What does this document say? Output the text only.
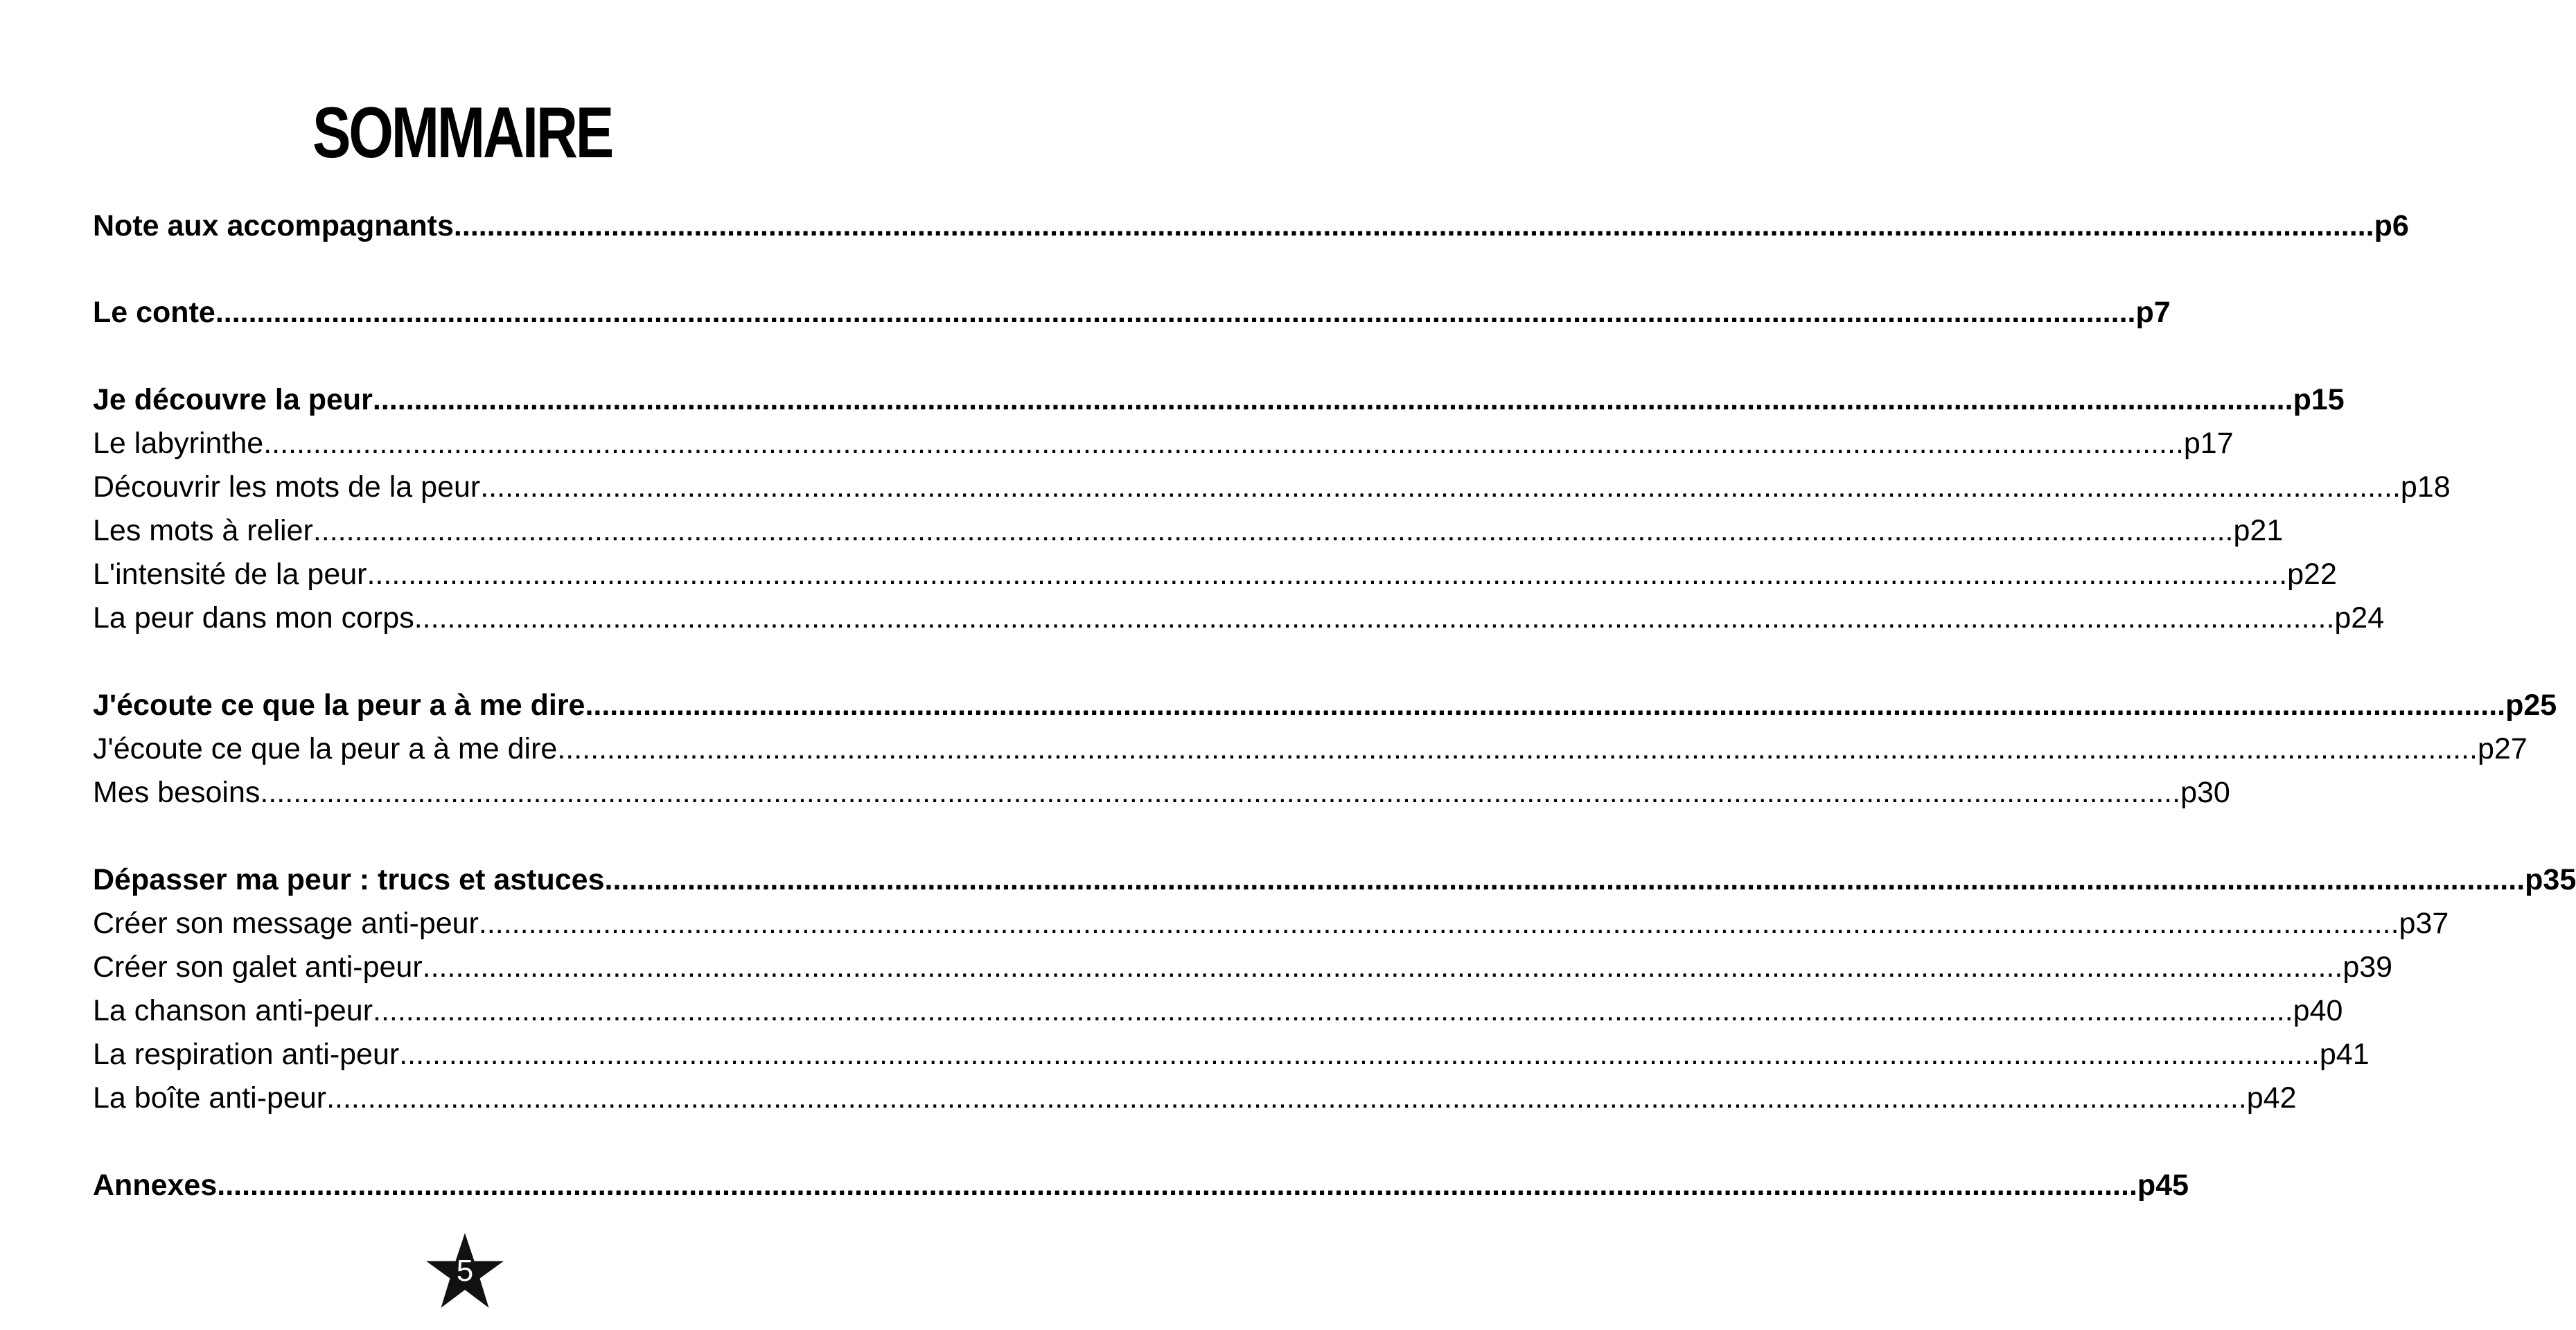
SOMMAIRE
Note aux accompagnants .....	p6
Le conte .....	p7
Je découvre la peur .....	p15
Le labyrinthe .....	p17
Découvrir les mots de la peur .....	p18
Les mots à relier .....	p21
L'intensité de la peur .....	p22
La peur dans mon corps .....	p24
J'écoute ce que la peur a à me dire .....	p25
J'écoute ce que la peur a à me dire .....	p27
Mes besoins .....	p30
Dépasser ma peur : trucs et astuces .....	p35
Créer son message anti-peur .....	p37
Créer son galet anti-peur .....	p39
La chanson anti-peur .....	p40
La respiration anti-peur .....	p41
La boîte anti-peur .....	p42
Annexes .....	p45
5
